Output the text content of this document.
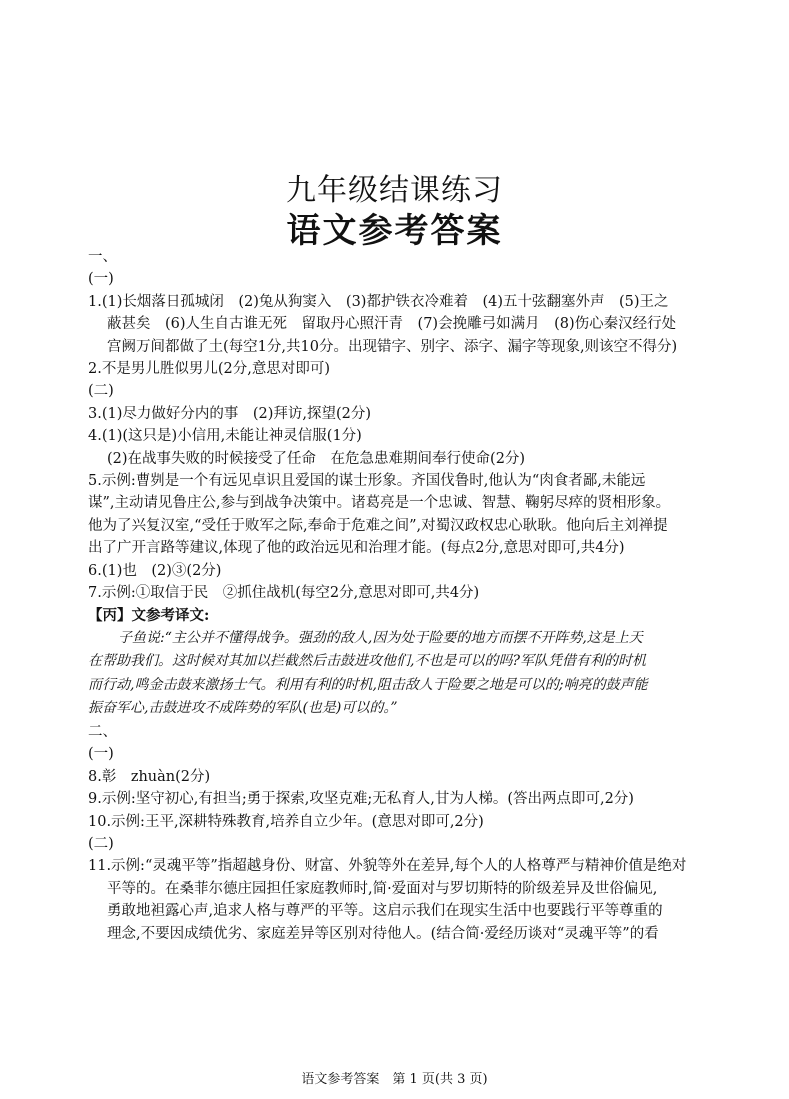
九年级结课练习
语文参考答案

一、

(一)

1.(1)长烟落日孤城闭　(2)兔从狗窦入　(3)都护铁衣冷难着　(4)五十弦翻塞外声　(5)王之

蔽甚矣　(6)人生自古谁无死　留取丹心照汗青　(7)会挽雕弓如满月　(8)伤心秦汉经行处

宫阙万间都做了土(每空1分,共10分。出现错字、别字、添字、漏字等现象,则该空不得分)

2.不是男儿胜似男儿(2分,意思对即可)

(二)

3.(1)尽力做好分内的事　(2)拜访,探望(2分)

4.(1)(这只是)小信用,未能让神灵信服(1分)

(2)在战事失败的时候接受了任命　在危急患难期间奉行使命(2分)

5.示例:曹刿是一个有远见卓识且爱国的谋士形象。齐国伐鲁时,他认为“肉食者鄙,未能远

谋”,主动请见鲁庄公,参与到战争决策中。诸葛亮是一个忠诚、智慧、鞠躬尽瘁的贤相形象。

他为了兴复汉室,“受任于败军之际,奉命于危难之间”,对蜀汉政权忠心耿耿。他向后主刘禅提

出了广开言路等建议,体现了他的政治远见和治理才能。(每点2分,意思对即可,共4分)

6.(1)也　(2)③(2分)

7.示例:①取信于民　②抓住战机(每空2分,意思对即可,共4分)

【丙】文参考译文:

子鱼说:“主公并不懂得战争。强劲的敌人,因为处于险要的地方而摆不开阵势,这是上天

在帮助我们。这时候对其加以拦截然后击鼓进攻他们,不也是可以的吗?军队凭借有利的时机

而行动,鸣金击鼓来激扬士气。利用有利的时机,阻击敌人于险要之地是可以的;响亮的鼓声能

振奋军心,击鼓进攻不成阵势的军队(也是)可以的。”

二、

(一)

8.彰　zhuàn(2分)

9.示例:坚守初心,有担当;勇于探索,攻坚克难;无私育人,甘为人梯。(答出两点即可,2分)

10.示例:王平,深耕特殊教育,培养自立少年。(意思对即可,2分)

(二)

11.示例:“灵魂平等”指超越身份、财富、外貌等外在差异,每个人的人格尊严与精神价值是绝对

平等的。在桑菲尔德庄园担任家庭教师时,简·爱面对与罗切斯特的阶级差异及世俗偏见,

勇敢地袒露心声,追求人格与尊严的平等。这启示我们在现实生活中也要践行平等尊重的

理念,不要因成绩优劣、家庭差异等区别对待他人。(结合简·爱经历谈对“灵魂平等”的看

语文参考答案　第 1 页(共 3 页)
